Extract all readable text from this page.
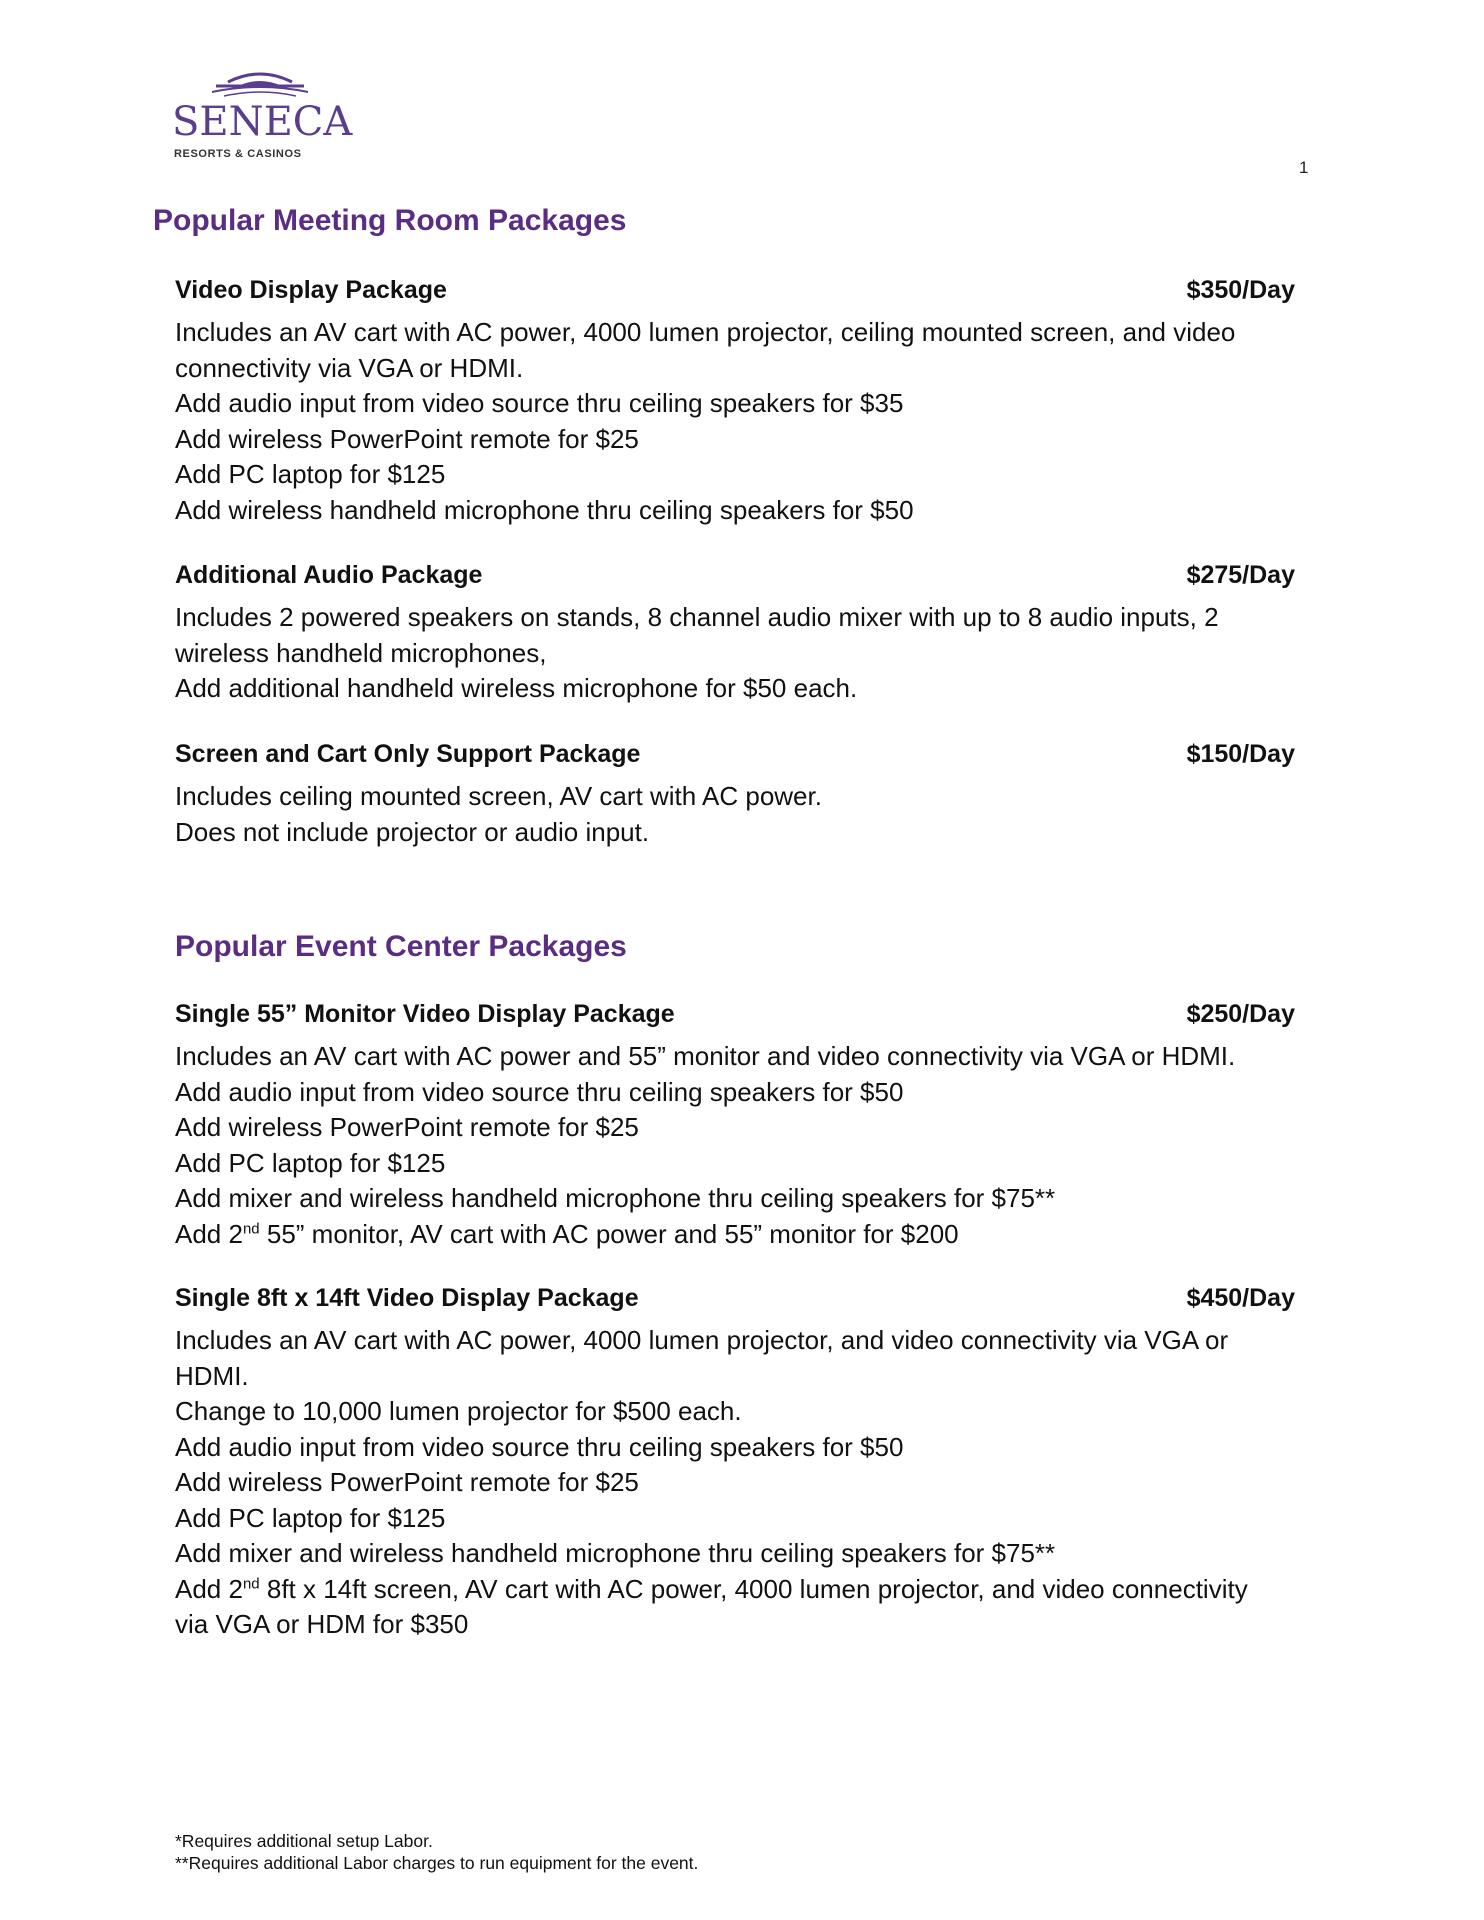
SENECA
RESORTS & CASINOS
1
Popular Meeting Room Packages
Video Display Package	$350/Day
Includes an AV cart with AC power, 4000 lumen projector, ceiling mounted screen, and video
connectivity via VGA or HDMI.
Add audio input from video source thru ceiling speakers for $35
Add wireless PowerPoint remote for $25
Add PC laptop for $125
Add wireless handheld microphone thru ceiling speakers for $50
Additional Audio Package	$275/Day
Includes 2 powered speakers on stands, 8 channel audio mixer with up to 8 audio inputs, 2
wireless handheld microphones,
Add additional handheld wireless microphone for $50 each.
Screen and Cart Only Support Package	$150/Day
Includes ceiling mounted screen, AV cart with AC power.
Does not include projector or audio input.
Popular Event Center Packages
Single 55” Monitor Video Display Package	$250/Day
Includes an AV cart with AC power and 55” monitor and video connectivity via VGA or HDMI.
Add audio input from video source thru ceiling speakers for $50
Add wireless PowerPoint remote for $25
Add PC laptop for $125
Add mixer and wireless handheld microphone thru ceiling speakers for $75**
Add 2nd 55” monitor, AV cart with AC power and 55” monitor for $200
Single 8ft x 14ft Video Display Package	$450/Day
Includes an AV cart with AC power, 4000 lumen projector, and video connectivity via VGA or
HDMI.
Change to 10,000 lumen projector for $500 each.
Add audio input from video source thru ceiling speakers for $50
Add wireless PowerPoint remote for $25
Add PC laptop for $125
Add mixer and wireless handheld microphone thru ceiling speakers for $75**
Add 2nd 8ft x 14ft screen, AV cart with AC power, 4000 lumen projector, and video connectivity
via VGA or HDM for $350
*Requires additional setup Labor.
**Requires additional Labor charges to run equipment for the event.
